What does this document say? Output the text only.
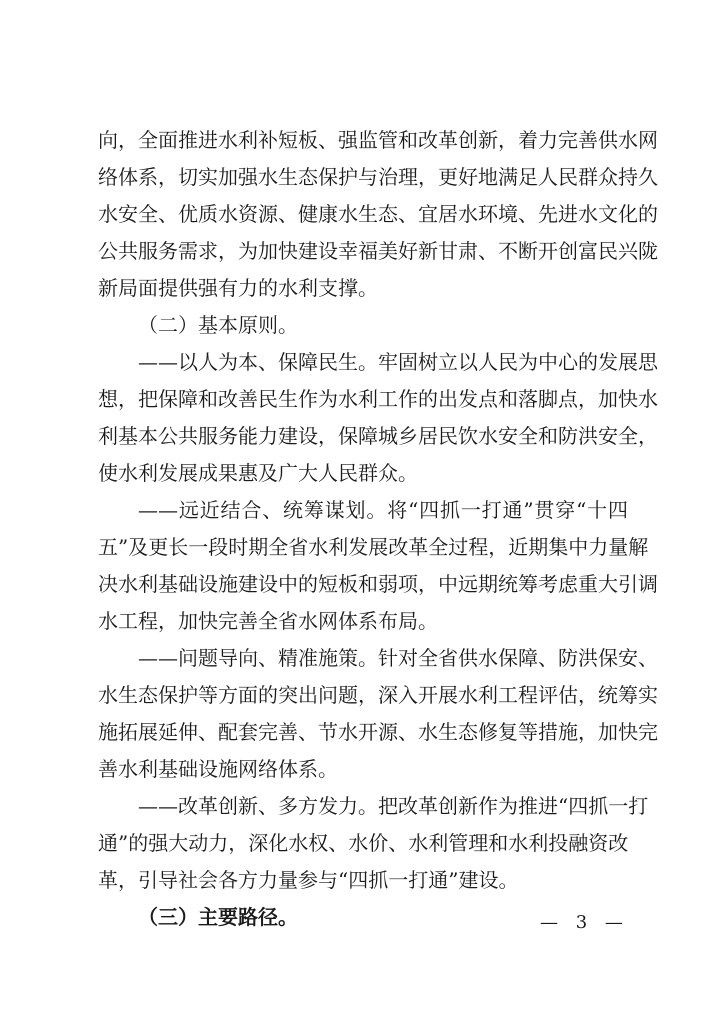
向，全面推进水利补短板、强监管和改革创新，着力完善供水网
络体系，切实加强水生态保护与治理，更好地满足人民群众持久
水安全、优质水资源、健康水生态、宜居水环境、先进水文化的
公共服务需求，为加快建设幸福美好新甘肃、不断开创富民兴陇
新局面提供强有力的水利支撑。
（二）基本原则。
——以人为本、保障民生。牢固树立以人民为中心的发展思
想，把保障和改善民生作为水利工作的出发点和落脚点，加快水
利基本公共服务能力建设，保障城乡居民饮水安全和防洪安全，
使水利发展成果惠及广大人民群众。
——远近结合、统筹谋划。将“四抓一打通”贯穿“十四
五”及更长一段时期全省水利发展改革全过程，近期集中力量解
决水利基础设施建设中的短板和弱项，中远期统筹考虑重大引调
水工程，加快完善全省水网体系布局。
——问题导向、精准施策。针对全省供水保障、防洪保安、
水生态保护等方面的突出问题，深入开展水利工程评估，统筹实
施拓展延伸、配套完善、节水开源、水生态修复等措施，加快完
善水利基础设施网络体系。
——改革创新、多方发力。把改革创新作为推进“四抓一打
通”的强大动力，深化水权、水价、水利管理和水利投融资改
革，引导社会各方力量参与“四抓一打通”建设。
（三）主要路径。	— 3 —
